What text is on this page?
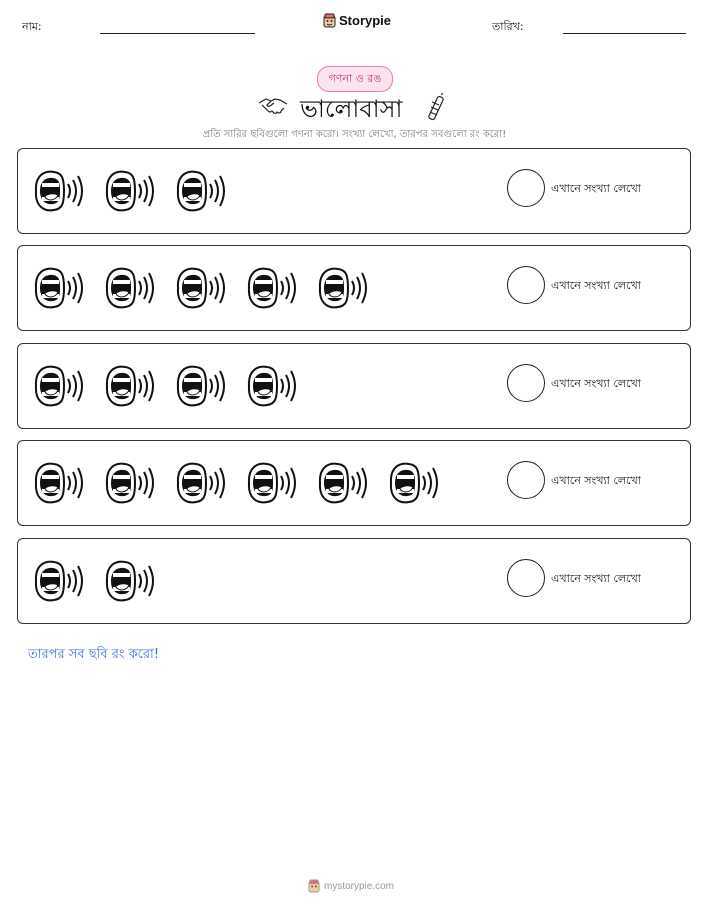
নাম:	Storypie	তারিখ:
গণনা ও রঙ
ভালোবাসা
প্রতি সারির ছবিগুলো গণনা করো। সংখ্যা লেখো, তারপর সবগুলো রং করো!
এখানে সংখ্যা লেখো
এখানে সংখ্যা লেখো
এখানে সংখ্যা লেখো
এখানে সংখ্যা লেখো
এখানে সংখ্যা লেখো
তারপর সব ছবি রং করো!
mystorypie.com
